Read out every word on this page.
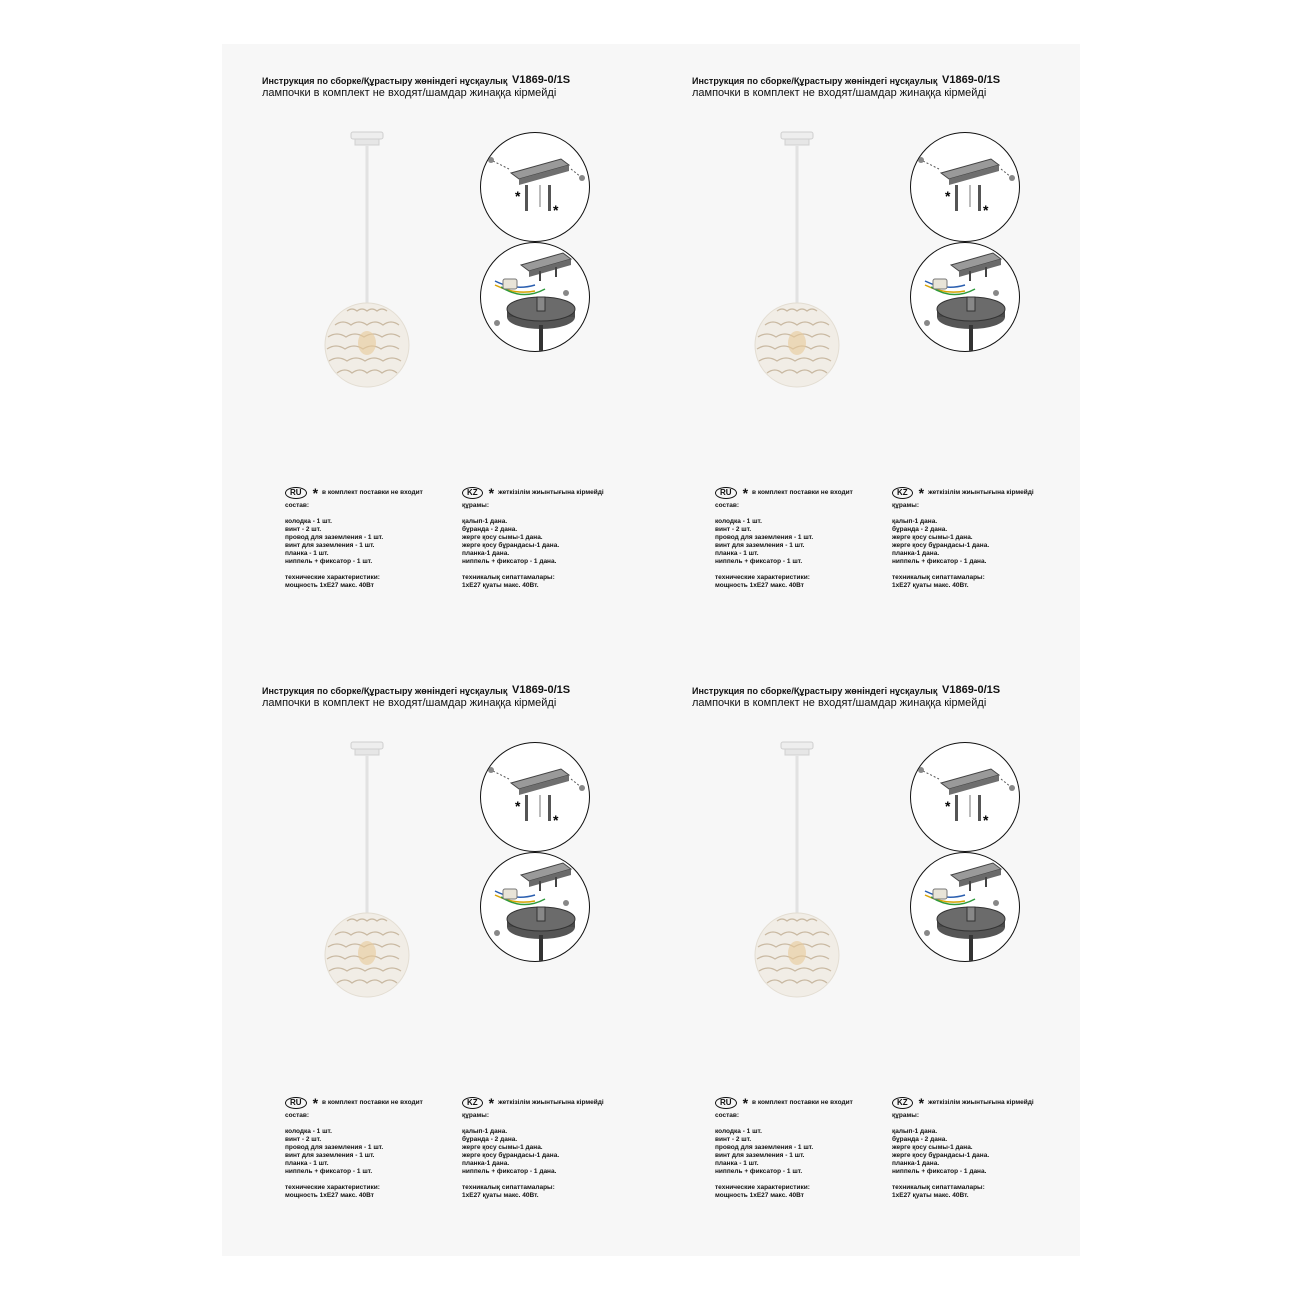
Инструкция по сборке/Құрастыру жөніндегі нұсқаулық V1869-0/1S
лампочки в комплект не входят/шамдар жинаққа кірмейді
*
*
RU * в комплект поставки не входит
состав:
колодка - 1 шт.
винт - 2 шт.
провод для заземления - 1 шт.
винт для заземления - 1 шт.
планка - 1 шт.
ниппель + фиксатор - 1 шт.
технические характеристики:
мощность 1xE27 макс. 40Вт
KZ * жеткізілім жиынтығына кірмейді
құрамы:
қалып-1 дана.
бұранда - 2 дана.
жерге қосу сымы-1 дана.
жерге қосу бұрандасы-1 дана.
планка-1 дана.
ниппель + фиксатор - 1 дана.
техникалық сипаттамалары:
1хЕ27 қуаты макс. 40Вт.
Инструкция по сборке/Құрастыру жөніндегі нұсқаулық V1869-0/1S
лампочки в комплект не входят/шамдар жинаққа кірмейді
*
*
RU * в комплект поставки не входит
состав:
колодка - 1 шт.
винт - 2 шт.
провод для заземления - 1 шт.
винт для заземления - 1 шт.
планка - 1 шт.
ниппель + фиксатор - 1 шт.
технические характеристики:
мощность 1xE27 макс. 40Вт
KZ * жеткізілім жиынтығына кірмейді
құрамы:
қалып-1 дана.
бұранда - 2 дана.
жерге қосу сымы-1 дана.
жерге қосу бұрандасы-1 дана.
планка-1 дана.
ниппель + фиксатор - 1 дана.
техникалық сипаттамалары:
1хЕ27 қуаты макс. 40Вт.
Инструкция по сборке/Құрастыру жөніндегі нұсқаулық V1869-0/1S
лампочки в комплект не входят/шамдар жинаққа кірмейді
*
*
RU * в комплект поставки не входит
состав:
колодка - 1 шт.
винт - 2 шт.
провод для заземления - 1 шт.
винт для заземления - 1 шт.
планка - 1 шт.
ниппель + фиксатор - 1 шт.
технические характеристики:
мощность 1xE27 макс. 40Вт
KZ * жеткізілім жиынтығына кірмейді
құрамы:
қалып-1 дана.
бұранда - 2 дана.
жерге қосу сымы-1 дана.
жерге қосу бұрандасы-1 дана.
планка-1 дана.
ниппель + фиксатор - 1 дана.
техникалық сипаттамалары:
1хЕ27 қуаты макс. 40Вт.
Инструкция по сборке/Құрастыру жөніндегі нұсқаулық V1869-0/1S
лампочки в комплект не входят/шамдар жинаққа кірмейді
*
*
RU * в комплект поставки не входит
состав:
колодка - 1 шт.
винт - 2 шт.
провод для заземления - 1 шт.
винт для заземления - 1 шт.
планка - 1 шт.
ниппель + фиксатор - 1 шт.
технические характеристики:
мощность 1xE27 макс. 40Вт
KZ * жеткізілім жиынтығына кірмейді
құрамы:
қалып-1 дана.
бұранда - 2 дана.
жерге қосу сымы-1 дана.
жерге қосу бұрандасы-1 дана.
планка-1 дана.
ниппель + фиксатор - 1 дана.
техникалық сипаттамалары:
1хЕ27 қуаты макс. 40Вт.
